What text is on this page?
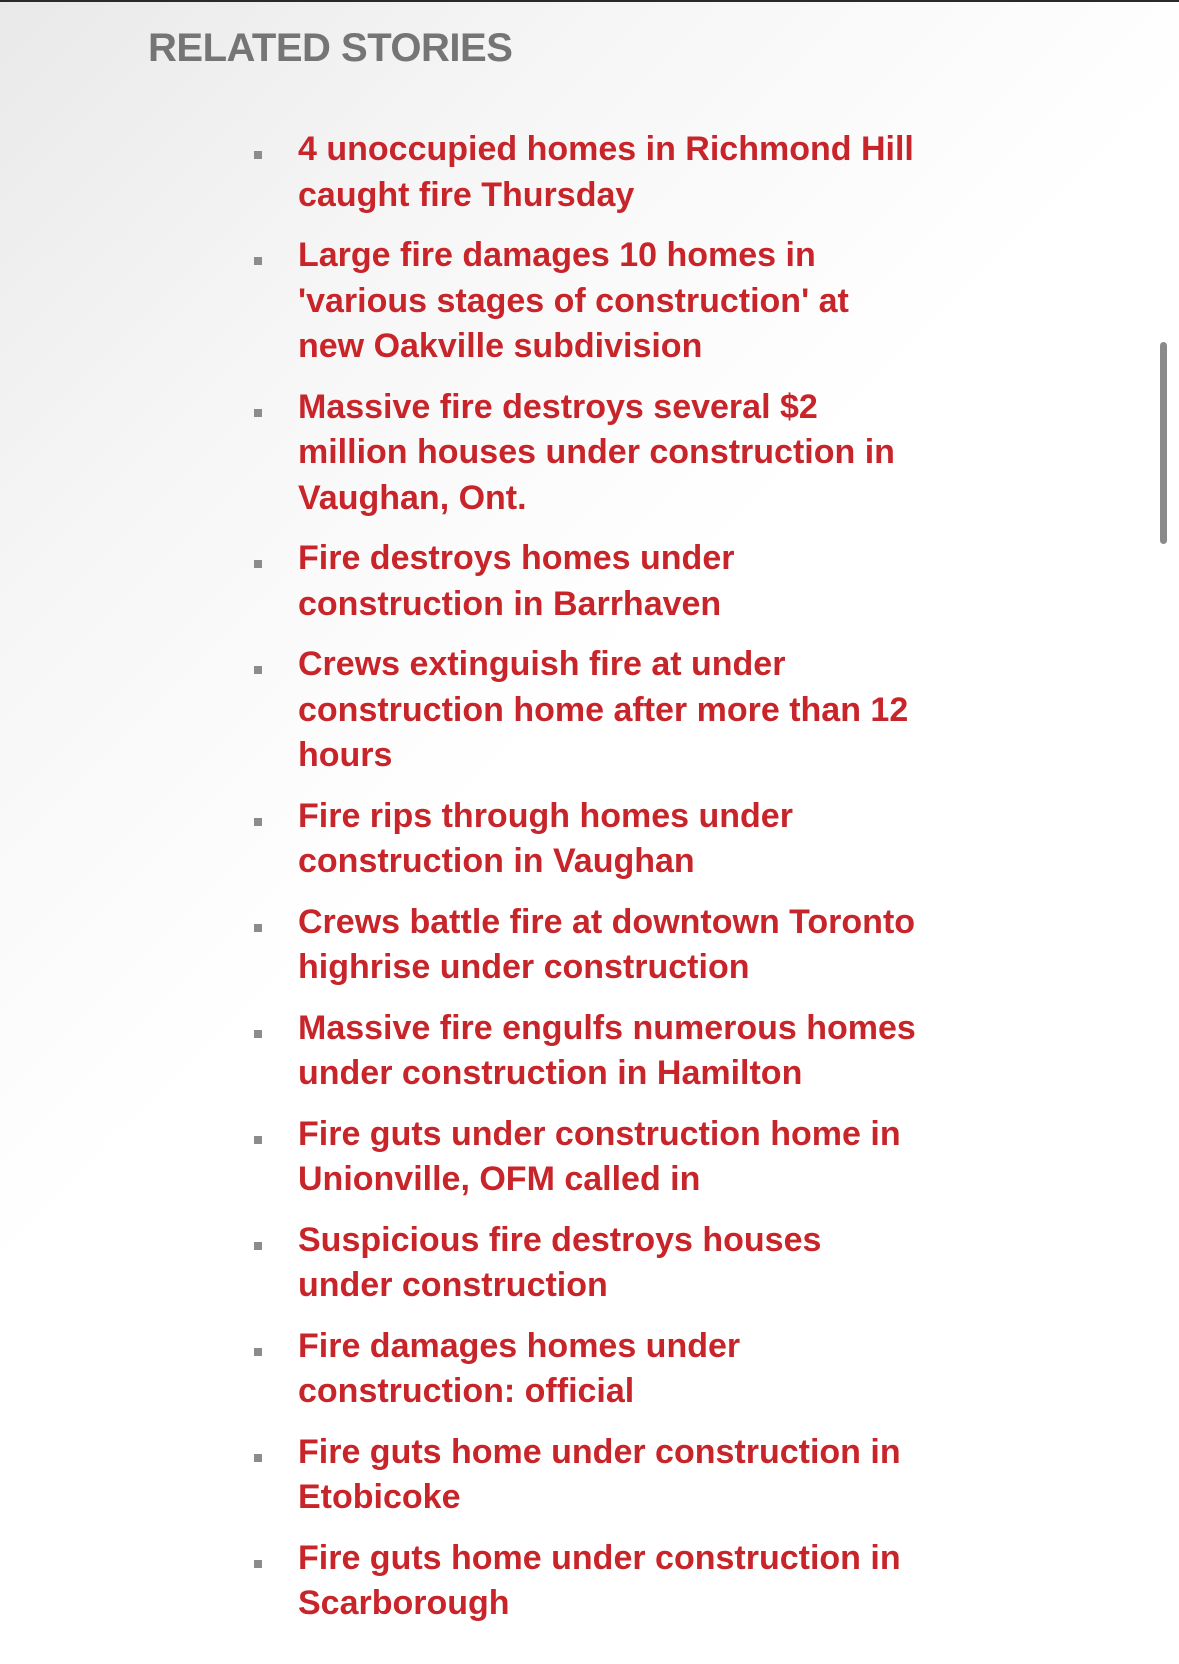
RELATED STORIES
4 unoccupied homes in Richmond Hill
caught fire Thursday
Large fire damages 10 homes in
'various stages of construction' at
new Oakville subdivision
Massive fire destroys several $2
million houses under construction in
Vaughan, Ont.
Fire destroys homes under
construction in Barrhaven
Crews extinguish fire at under
construction home after more than 12
hours
Fire rips through homes under
construction in Vaughan
Crews battle fire at downtown Toronto
highrise under construction
Massive fire engulfs numerous homes
under construction in Hamilton
Fire guts under construction home in
Unionville, OFM called in
Suspicious fire destroys houses
under construction
Fire damages homes under
construction: official
Fire guts home under construction in
Etobicoke
Fire guts home under construction in
Scarborough
